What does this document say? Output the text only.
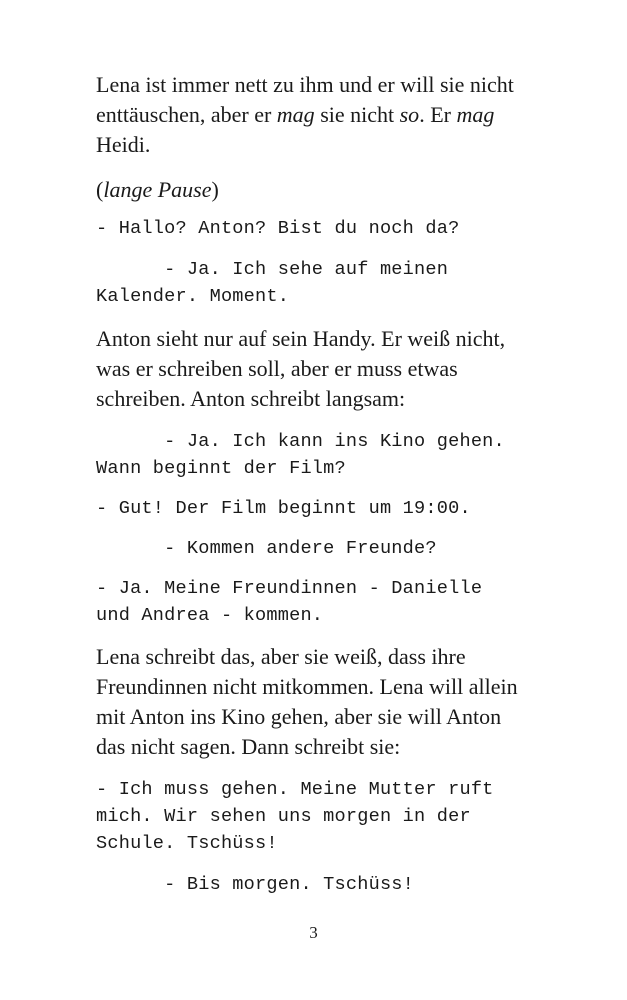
Lena ist immer nett zu ihm und er will sie nicht
enttäuschen, aber er mag sie nicht so. Er mag
Heidi.

(lange Pause)

- Hallo? Anton? Bist du noch da?

- Ja. Ich sehe auf meinen
Kalender. Moment.

Anton sieht nur auf sein Handy. Er weiß nicht,
was er schreiben soll, aber er muss etwas
schreiben. Anton schreibt langsam:

- Ja. Ich kann ins Kino gehen.
Wann beginnt der Film?

- Gut! Der Film beginnt um 19:00.

- Kommen andere Freunde?

- Ja. Meine Freundinnen - Danielle
und Andrea - kommen.

Lena schreibt das, aber sie weiß, dass ihre
Freundinnen nicht mitkommen. Lena will allein
mit Anton ins Kino gehen, aber sie will Anton
das nicht sagen. Dann schreibt sie:

- Ich muss gehen. Meine Mutter ruft
mich. Wir sehen uns morgen in der
Schule. Tschüss!

- Bis morgen. Tschüss!

3
